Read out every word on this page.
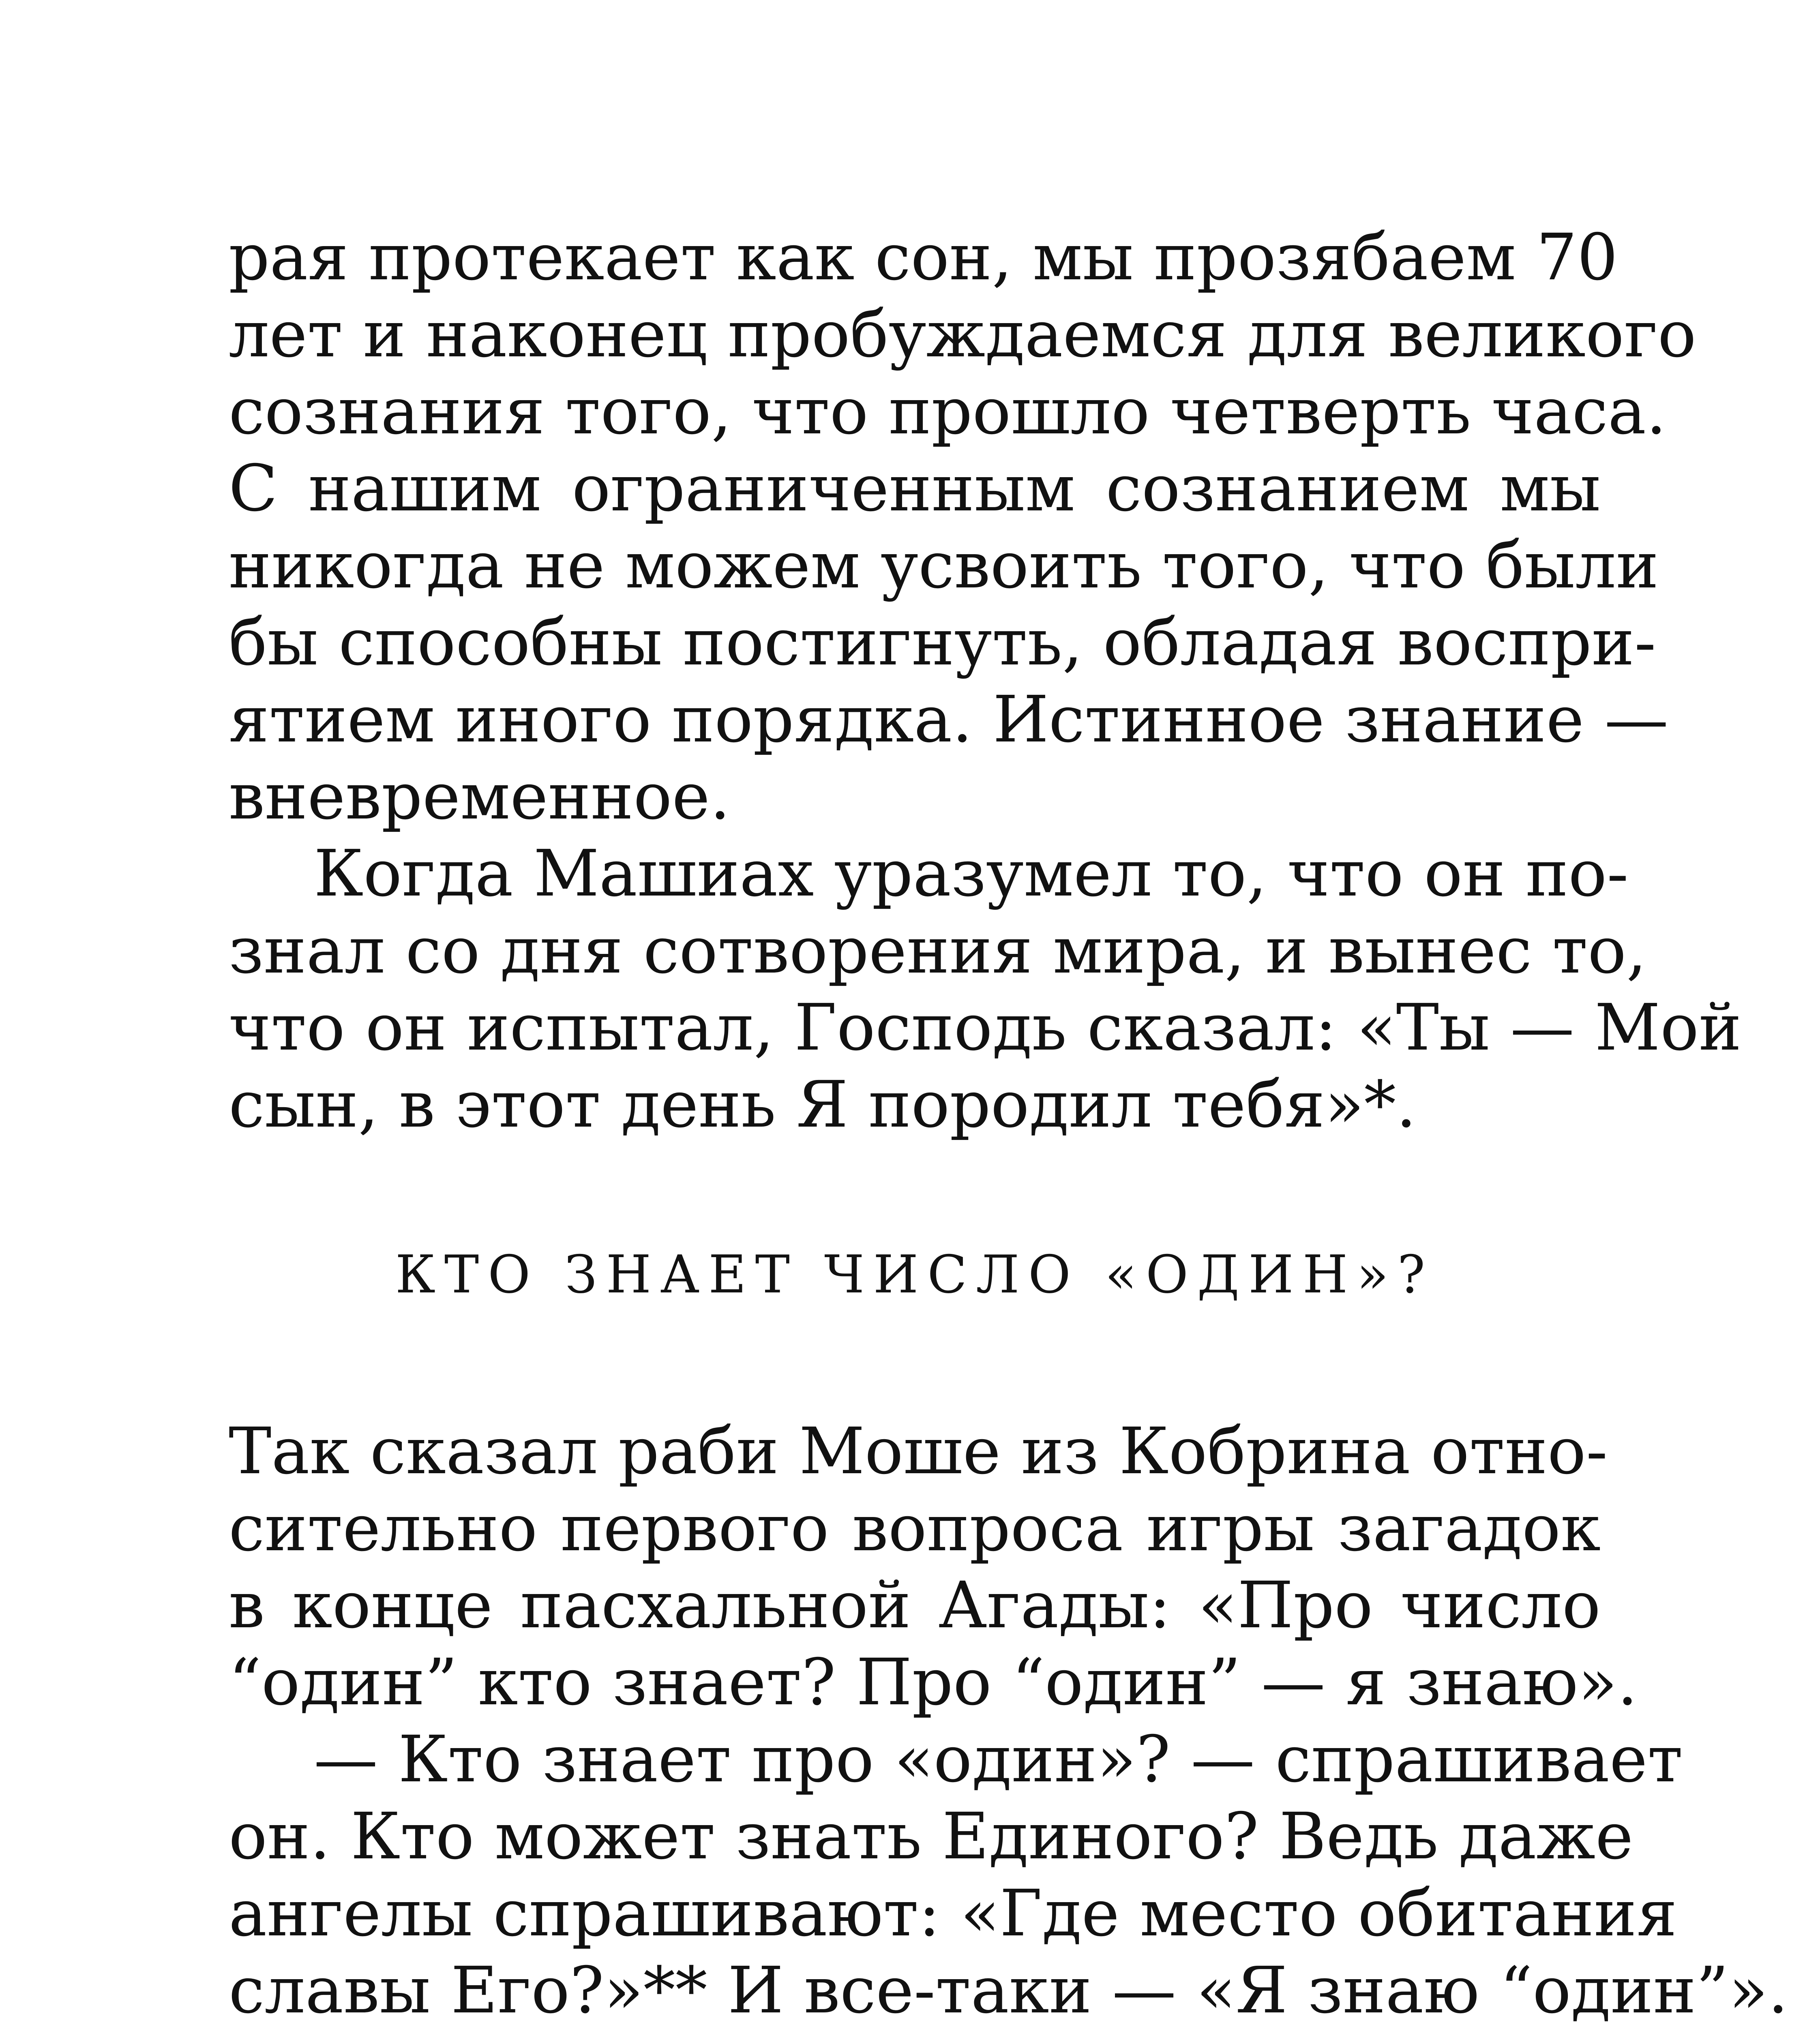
рая протекает как сон, мы прозябаем 70
лет и наконец пробуждаемся для великого
сознания того, что прошло четверть часа.
С нашим ограниченным сознанием мы
никогда не можем усвоить того, что были
бы способны постигнуть, обладая воспри-
ятием иного порядка. Истинное знание —
вневременное.
Когда Машиах уразумел то, что он по-
знал со дня сотворения мира, и вынес то,
что он испытал, Господь сказал: «Ты — Мой
сын, в этот день Я породил тебя»*.
КТО ЗНАЕТ ЧИСЛО «ОДИН»?
Так сказал раби Моше из Кобрина отно-
сительно первого вопроса игры загадок
в конце пасхальной Агады: «Про число
“один” кто знает? Про “один” — я знаю».
— Кто знает про «один»? — спрашивает
он. Кто может знать Единого? Ведь даже
ангелы спрашивают: «Где место обитания
славы Его?»** И все-таки — «Я знаю “один”».
